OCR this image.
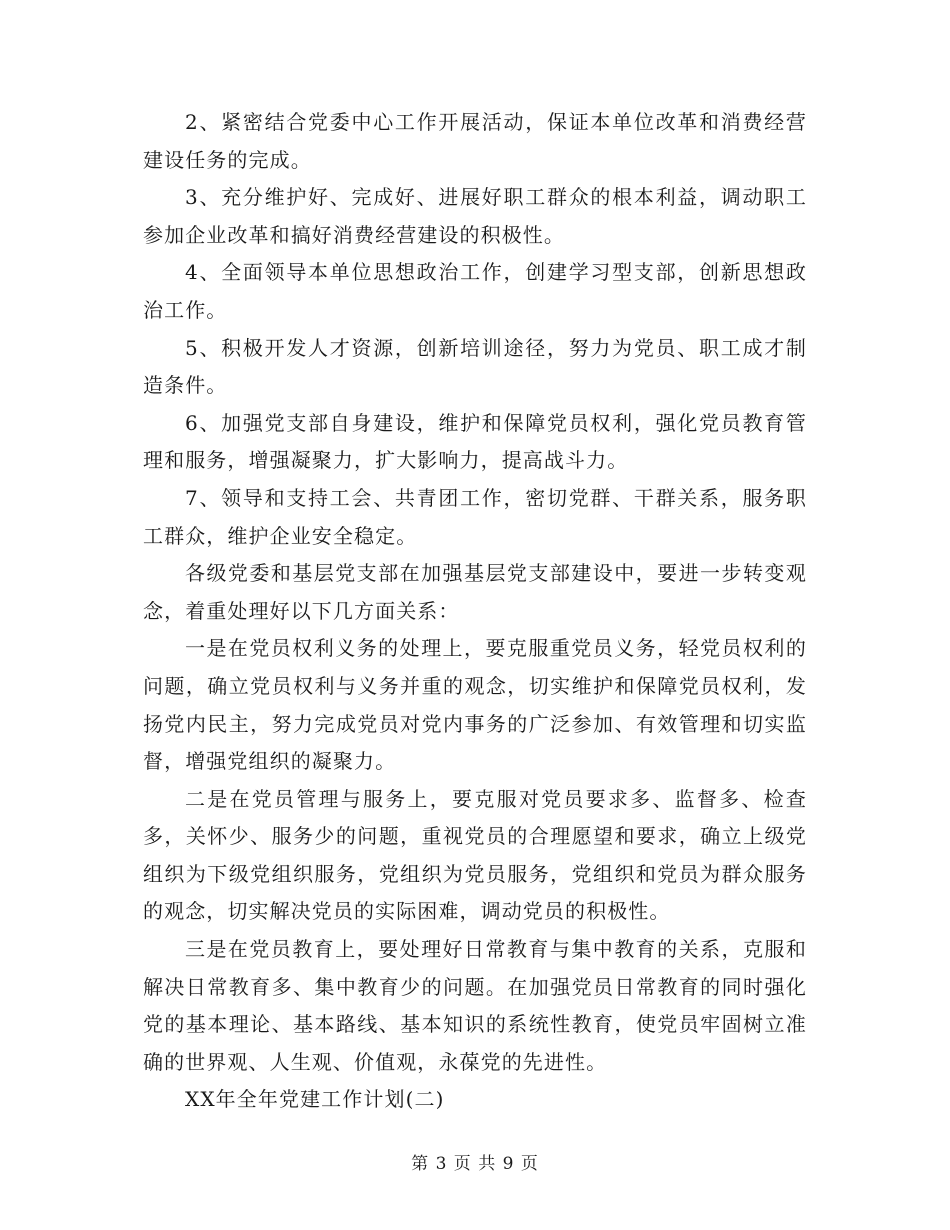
2、紧密结合党委中心工作开展活动，保证本单位改革和消费经营建设任务的完成。

3、充分维护好、完成好、进展好职工群众的根本利益，调动职工参加企业改革和搞好消费经营建设的积极性。

4、全面领导本单位思想政治工作，创建学习型支部，创新思想政治工作。

5、积极开发人才资源，创新培训途径，努力为党员、职工成才制造条件。

6、加强党支部自身建设，维护和保障党员权利，强化党员教育管理和服务，增强凝聚力，扩大影响力，提高战斗力。

7、领导和支持工会、共青团工作，密切党群、干群关系，服务职工群众，维护企业安全稳定。

各级党委和基层党支部在加强基层党支部建设中，要进一步转变观念，着重处理好以下几方面关系：

一是在党员权利义务的处理上，要克服重党员义务，轻党员权利的问题，确立党员权利与义务并重的观念，切实维护和保障党员权利，发扬党内民主，努力完成党员对党内事务的广泛参加、有效管理和切实监督，增强党组织的凝聚力。

二是在党员管理与服务上，要克服对党员要求多、监督多、检查多，关怀少、服务少的问题，重视党员的合理愿望和要求，确立上级党组织为下级党组织服务，党组织为党员服务，党组织和党员为群众服务的观念，切实解决党员的实际困难，调动党员的积极性。

三是在党员教育上，要处理好日常教育与集中教育的关系，克服和解决日常教育多、集中教育少的问题。在加强党员日常教育的同时强化党的基本理论、基本路线、基本知识的系统性教育，使党员牢固树立准确的世界观、人生观、价值观，永葆党的先进性。

XX年全年党建工作计划(二)

第 3 页 共 9 页
